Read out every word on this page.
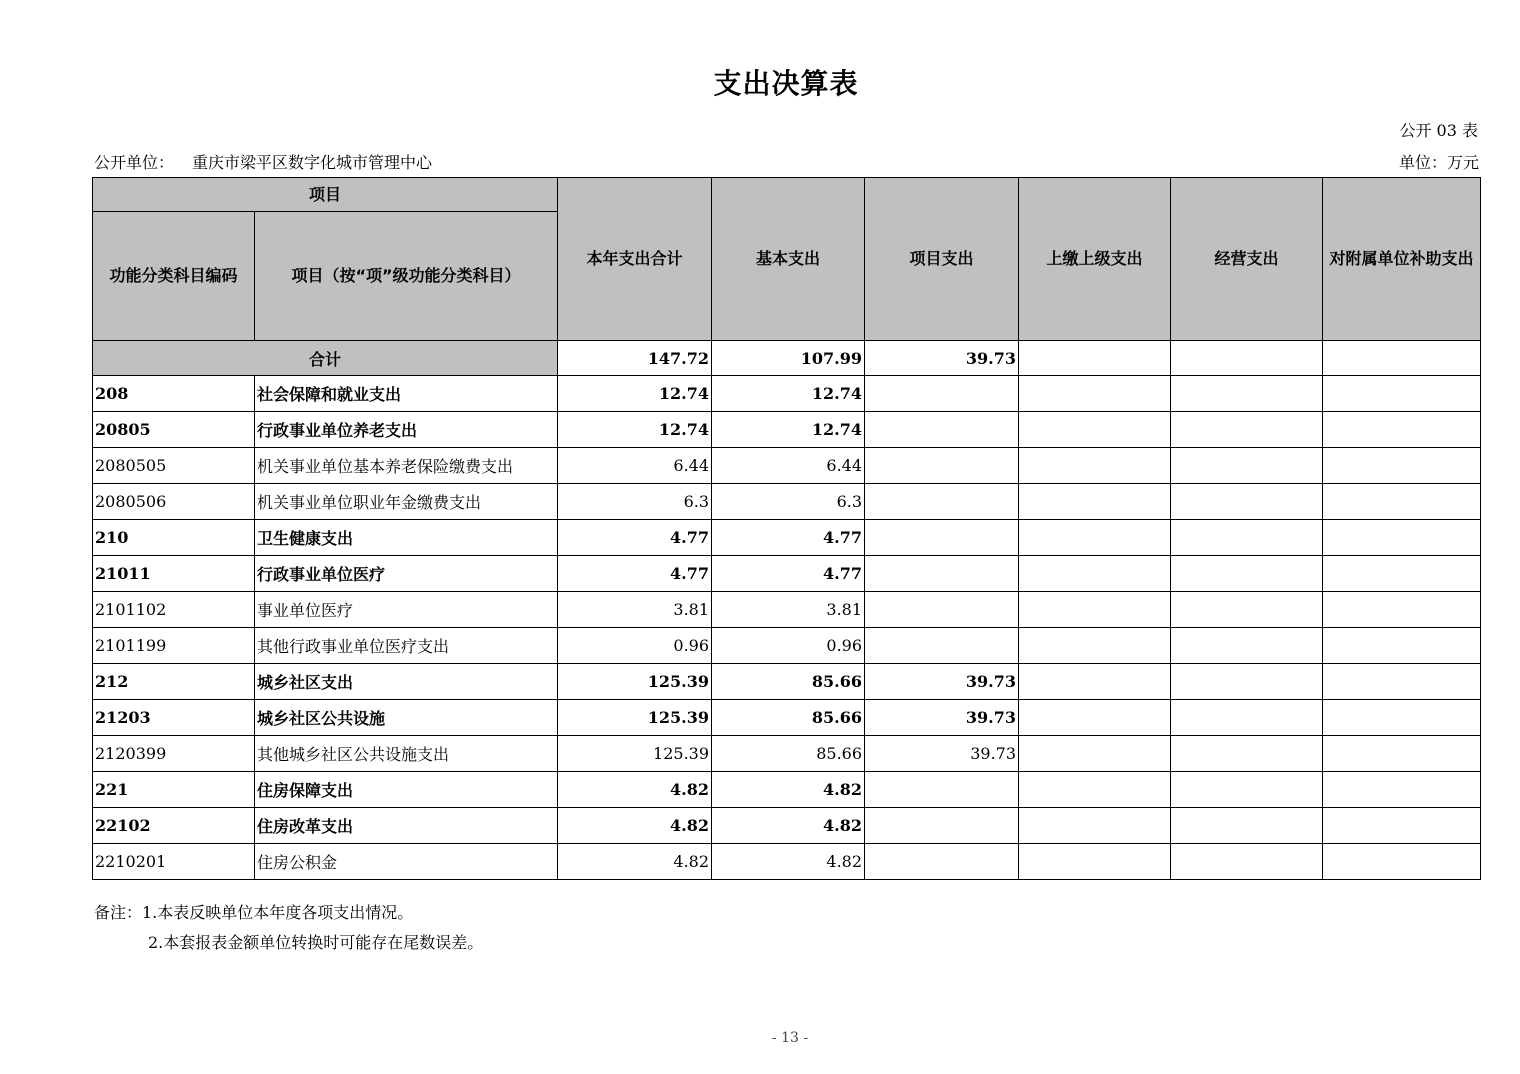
支出决算表
公开 03 表
公开单位： 重庆市梁平区数字化城市管理中心	单位：万元
项目		本年支出合计	基本支出	项目支出	上缴上级支出	经营支出	对附属单位补助支出
功能分类科目编码	项目（按“项”级功能分类科目）						
合计		147.72	107.99	39.73			
208	社会保障和就业支出	12.74	12.74				
20805	行政事业单位养老支出	12.74	12.74				
2080505	机关事业单位基本养老保险缴费支出	6.44	6.44				
2080506	机关事业单位职业年金缴费支出	6.3	6.3				
210	卫生健康支出	4.77	4.77				
21011	行政事业单位医疗	4.77	4.77				
2101102	事业单位医疗	3.81	3.81				
2101199	其他行政事业单位医疗支出	0.96	0.96				
212	城乡社区支出	125.39	85.66	39.73			
21203	城乡社区公共设施	125.39	85.66	39.73			
2120399	其他城乡社区公共设施支出	125.39	85.66	39.73			
221	住房保障支出	4.82	4.82				
22102	住房改革支出	4.82	4.82				
2210201	住房公积金	4.82	4.82				
备注：1.本表反映单位本年度各项支出情况。
2.本套报表金额单位转换时可能存在尾数误差。
- 13 -
